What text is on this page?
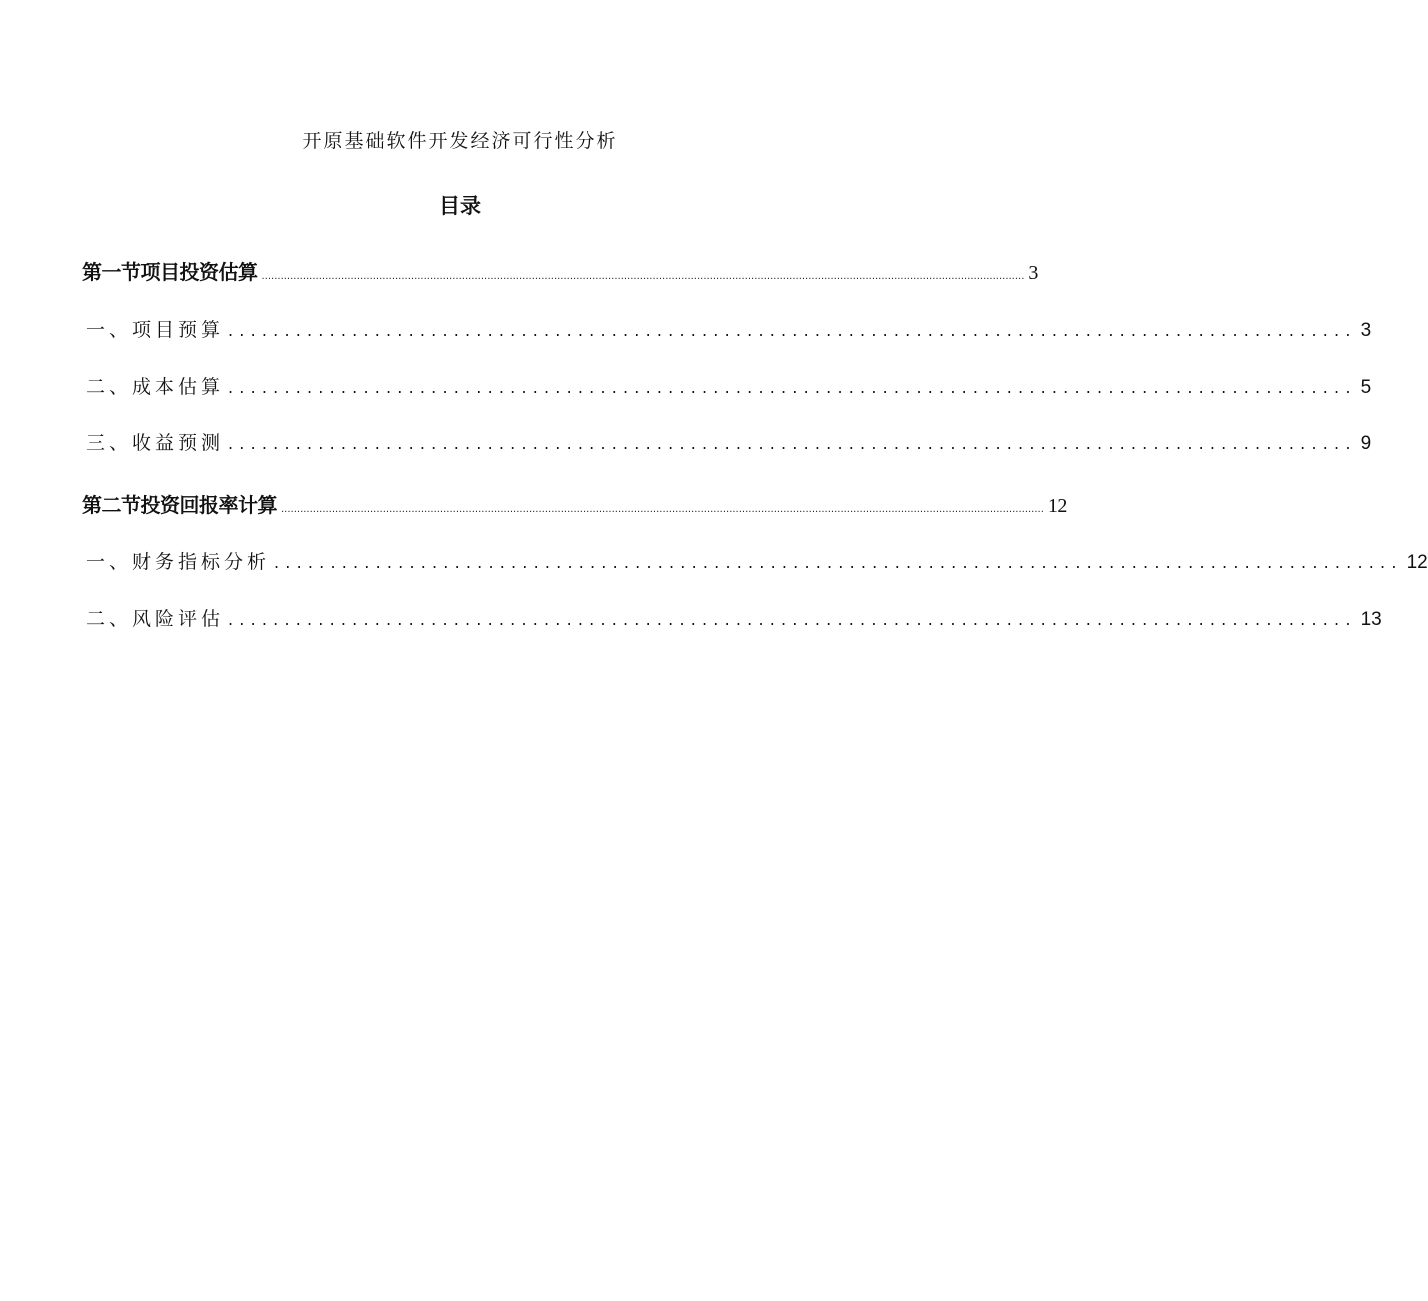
开原基础软件开发经济可行性分析
目录
第一节项目投资估算 ................................................................................................................................................................................................................................................ 3
一、项目预算 .................................................................................................... 3
二、成本估算 .................................................................................................... 5
三、收益预测 .................................................................................................... 9
第二节投资回报率计算 ................................................................................................................................................................................................................................................ 12
一、财务指标分析 .................................................................................................... 12
二、风险评估 .................................................................................................... 13
